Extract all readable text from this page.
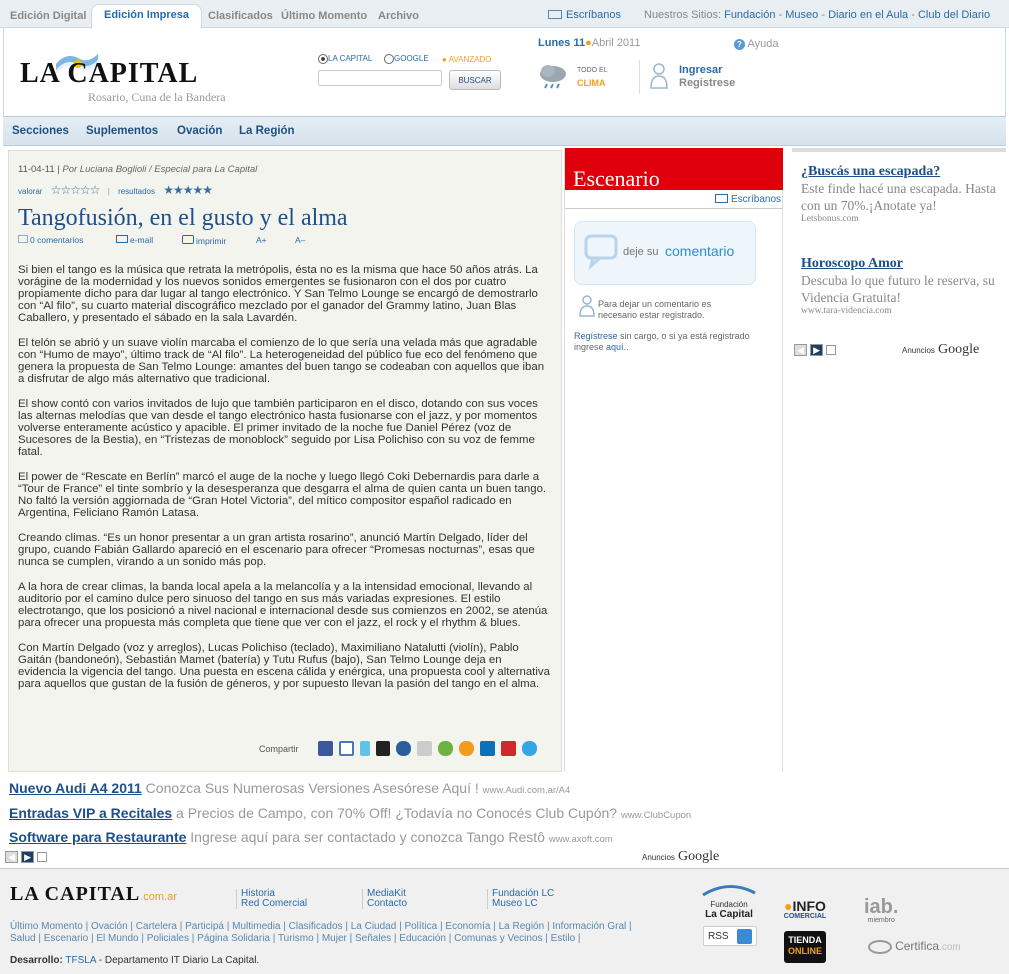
Edición Digital	Edición Impresa	Clasificados Último Momento Archivo	Escríbanos Nuestros Sitios: Fundación - Museo - Diario en el Aula - Club del Diario
LA CAPITAL
Rosario, Cuna de la Bandera
LA CAPITAL	GOOGLE ● AVANZADO
BUSCAR
Lunes 11●Abril 2011	? Ayuda
TODO EL
CLIMA
Ingresar
Registrese
Secciones Suplementos Ovación La Región
11-04-11 | Por Luciana Boglioli / Especial para La Capital
valorar ☆☆☆☆☆ | resultados ★★★★★
Tangofusión, en el gusto y el alma
0 comentarios	e-mail	imprimir	A+	A–

Si bien el tango es la música que retrata la metrópolis, ésta no es la misma que hace 50 años atrás. La vorágine de la modernidad y los nuevos sonidos emergentes se fusionaron con el dos por cuatro propiamente dicho para dar lugar al tango electrónico. Y San Telmo Lounge se encargó de demostrarlo con “Al filo”, su cuarto material discográfico mezclado por el ganador del Grammy latino, Juan Blas Caballero, y presentado el sábado en la sala Lavardén.

El telón se abrió y un suave violín marcaba el comienzo de lo que sería una velada más que agradable con “Humo de mayo”, último track de “Al filo”. La heterogeneidad del público fue eco del fenómeno que genera la propuesta de San Telmo Lounge: amantes del buen tango se codeaban con aquellos que iban a disfrutar de algo más alternativo que tradicional.

El show contó con varios invitados de lujo que también participaron en el disco, dotando con sus voces las alternas melodías que van desde el tango electrónico hasta fusionarse con el jazz, y por momentos volverse enteramente acústico y apacible. El primer invitado de la noche fue Daniel Pérez (voz de Sucesores de la Bestia), en “Tristezas de monoblock” seguido por Lisa Polichiso con su voz de femme fatal.

El power de “Rescate en Berlín” marcó el auge de la noche y luego llegó Coki Debernardis para darle a “Tour de France” el tinte sombrío y la desesperanza que desgarra el alma de quien canta un buen tango. No faltó la versión aggiornada de “Gran Hotel Victoria”, del mítico compositor español radicado en Argentina, Feliciano Ramón Latasa.

Creando climas. “Es un honor presentar a un gran artista rosarino”, anunció Martín Delgado, líder del grupo, cuando Fabián Gallardo apareció en el escenario para ofrecer “Promesas nocturnas”, esas que nunca se cumplen, virando a un sonido más pop.

A la hora de crear climas, la banda local apela a la melancolía y a la intensidad emocional, llevando al auditorio por el camino dulce pero sinuoso del tango en sus más variadas expresiones. El estilo electrotango, que los posicionó a nivel nacional e internacional desde sus comienzos en 2002, se atenúa para ofrecer una propuesta más completa que tiene que ver con el jazz, el rock y el rhythm & blues.

Con Martín Delgado (voz y arreglos), Lucas Polichiso (teclado), Maximiliano Natalutti (violín), Pablo Gaitán (bandoneón), Sebastián Mamet (batería) y Tutu Rufus (bajo), San Telmo Lounge deja en evidencia la vigencia del tango. Una puesta en escena cálida y enérgica, una propuesta cool y alternativa para aquellos que gustan de la fusión de géneros, y por supuesto llevan la pasión del tango en el alma.

Compartir
Escenario
Escríbanos
deje su comentario
Para dejar un comentario es necesario estar registrado.
Regístrese sin cargo, o si ya está registrado ingrese aquí..
¿Buscás una escapada?
Este finde hacé una escapada. Hasta con un 70%.¡Anotate ya!
Letsbonus.com
Horoscopo Amor
Descuba lo que futuro le reserva, su Videncia Gratuita!
www.tara-videncia.com
◀ ▶	Anuncios Google
Nuevo Audi A4 2011 Conozca Sus Numerosas Versiones Asesórese Aquí ! www.Audi.com.ar/A4
Entradas VIP a Recitales a Precios de Campo, con 70% Off! ¿Todavía no Conocés Club Cupón? www.ClubCupon
Software para Restaurante Ingrese aquí para ser contactado y conozca Tango Restô www.axoft.com
◀ ▶	Anuncios Google
LA CAPITAL.com.ar	Historia
Red Comercial
MediaKit
Contacto
Fundación LC
Museo LC
Último Momento | Ovación | Cartelera | Participá | Multimedia | Clasificados | La Ciudad | Política | Economía | La Región | Información Gral |
Salud | Escenario | El Mundo | Policiales | Página Solidaria | Turismo | Mujer | Señales | Educación | Comunas y Vecinos | Estilo |
Desarrollo: TFSLA - Departamento IT Diario La Capital.
Fundación
La Capital
RSS
●INFO
COMERCIAL
TIENDA
ONLINE
iab.
miembro
Certifica.com
